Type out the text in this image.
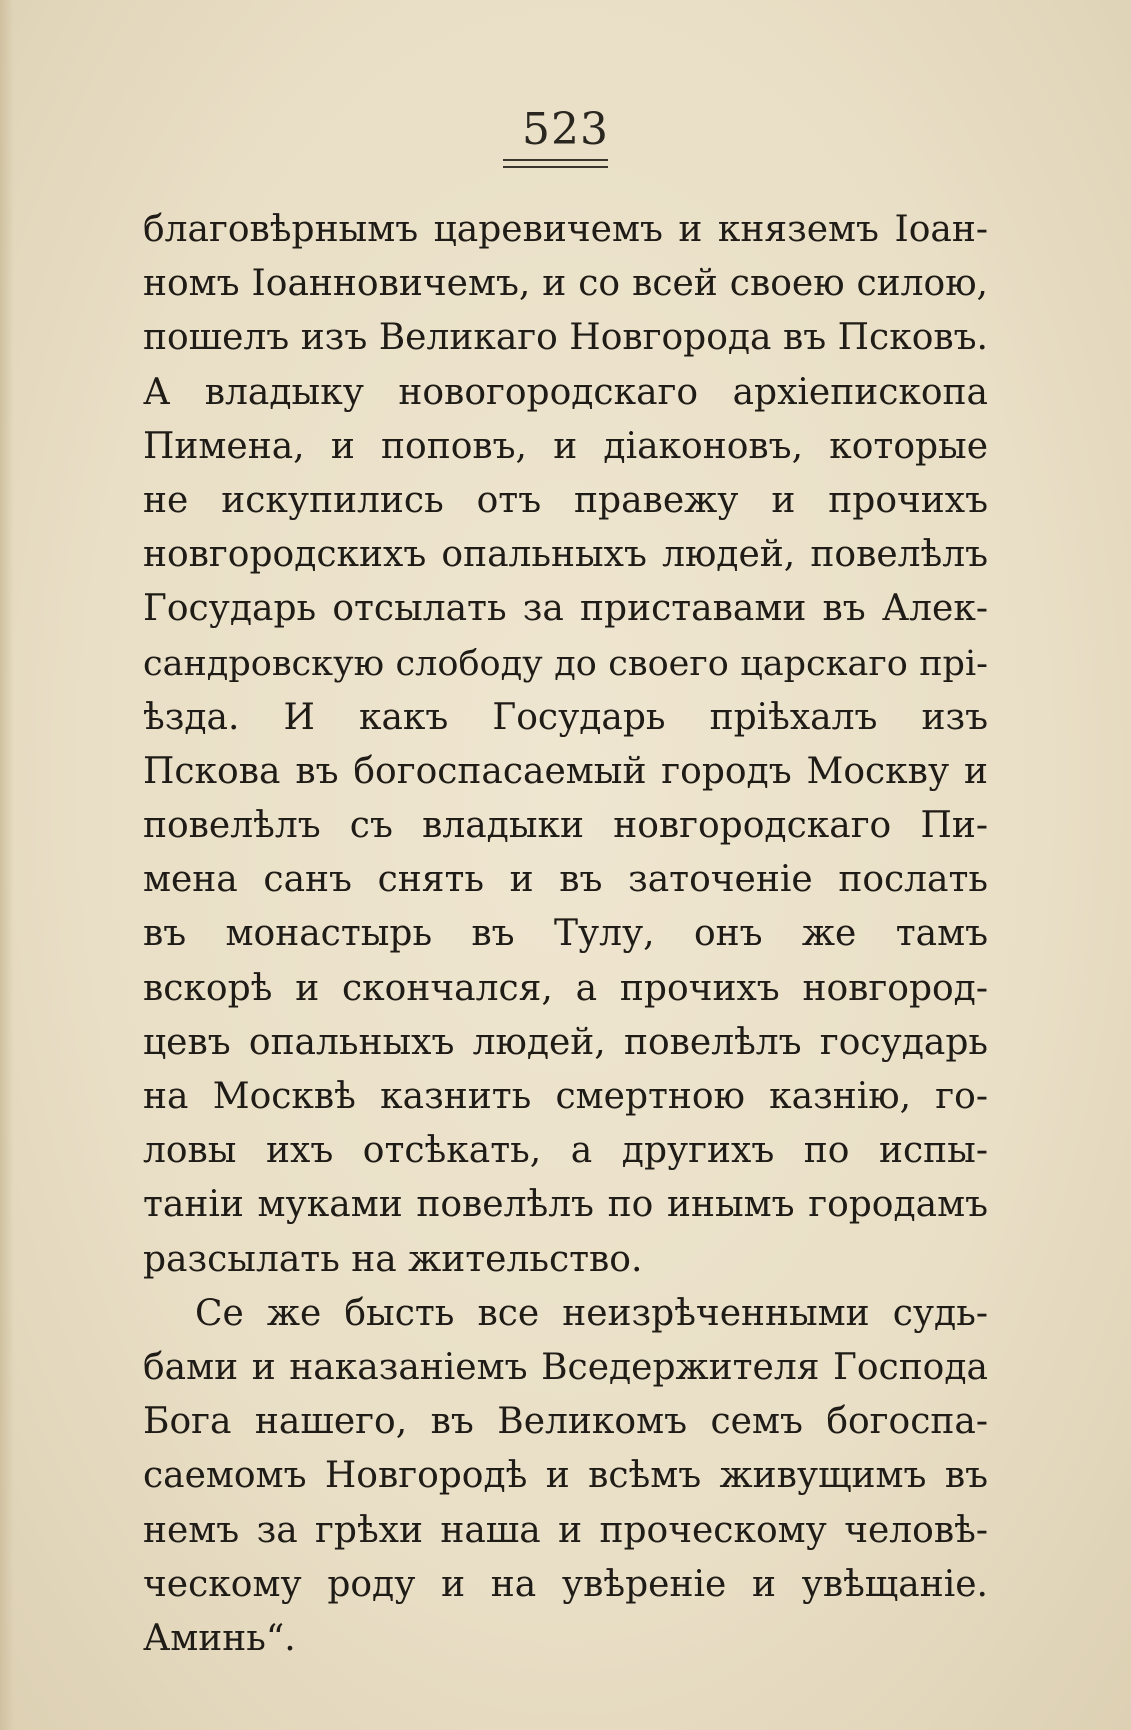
523
благовѣрнымъ царевичемъ и княземъ Іоан-
номъ Іоанновичемъ, и со всей своею силою,
пошелъ изъ Великаго Новгорода въ Псковъ.
А владыку новогородскаго архіепископа
Пимена, и поповъ, и діаконовъ, которые
не искупились отъ правежу и прочихъ
новгородскихъ опальныхъ людей, повелѣлъ
Государь отсылать за приставами въ Алек-
сандровскую слободу до своего царскаго прі-
ѣзда. И какъ Государь пріѣхалъ изъ
Пскова въ богоспасаемый городъ Москву и
повелѣлъ съ владыки новгородскаго Пи-
мена санъ снять и въ заточеніе послать
въ монастырь въ Тулу, онъ же тамъ
вскорѣ и скончался, а прочихъ новгород-
цевъ опальныхъ людей, повелѣлъ государь
на Москвѣ казнить смертною казнію, го-
ловы ихъ отсѣкать, а другихъ по испы-
таніи муками повелѣлъ по инымъ городамъ
разсылать на жительство.
Се же бысть все неизрѣченными судь-
бами и наказаніемъ Вседержителя Господа
Бога нашего, въ Великомъ семъ богоспа-
саемомъ Новгородѣ и всѣмъ живущимъ въ
немъ за грѣхи наша и проческому человѣ-
ческому роду и на увѣреніе и увѣщаніе.
Аминь“.
